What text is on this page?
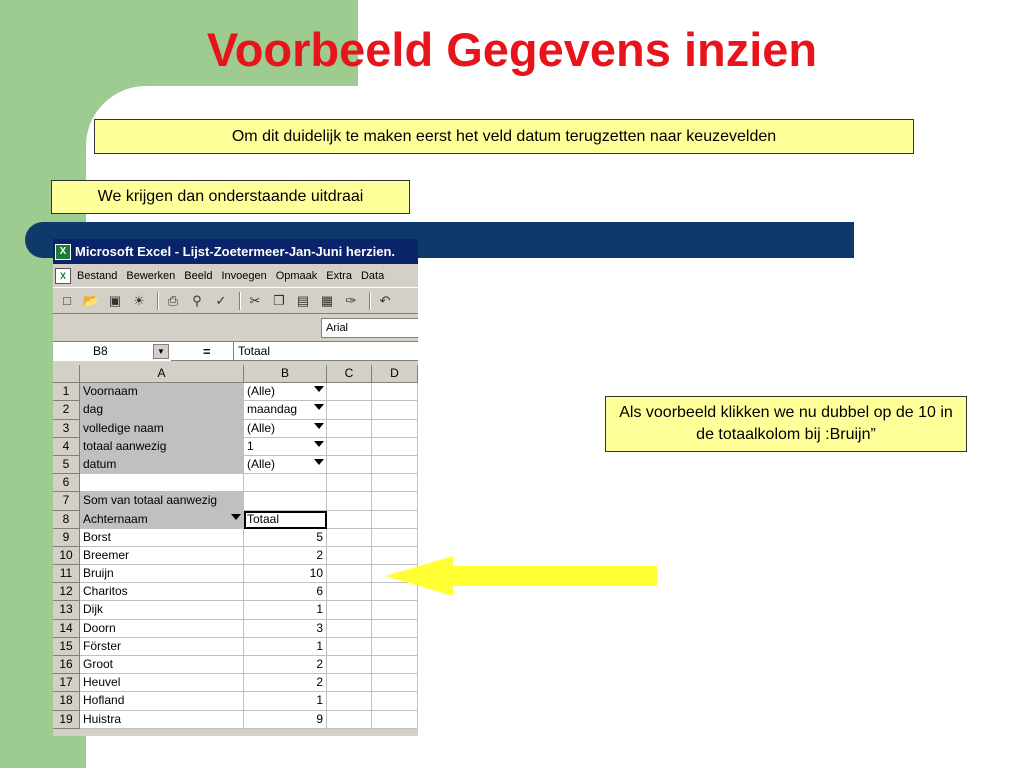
Voorbeeld Gegevens inzien
Om dit duidelijk te maken eerst het veld datum terugzetten naar keuzevelden
We krijgen dan onderstaande uitdraai
X Microsoft Excel - Lijst-Zoetermeer-Jan-Juni herzien.
X	Bestand Bewerken Beeld Invoegen Opmaak Extra Data
□ 📂 ▣ ☀	⎙	⚲	✓	✂ ❐ ▤ ▦ ✑	↶
Arial
B8	▼	=	Totaal
A	B	C	D
1	Voornaam	(Alle)
2	dag	maandag
3	volledige naam	(Alle)
4	totaal aanwezig	1
5	datum	(Alle)
6
7	Som van totaal aanwezig
8	Achternaam	Totaal
9	Borst	5
10 Breemer	2
11 Bruijn	10
12 Charitos	6
13 Dijk	1
14 Doorn	3
15 Förster	1
16 Groot	2
17 Heuvel	2
18 Hofland	1
19 Huistra	9
Als voorbeeld klikken we nu dubbel op de 10 in de totaalkolom bij :Bruijn”
